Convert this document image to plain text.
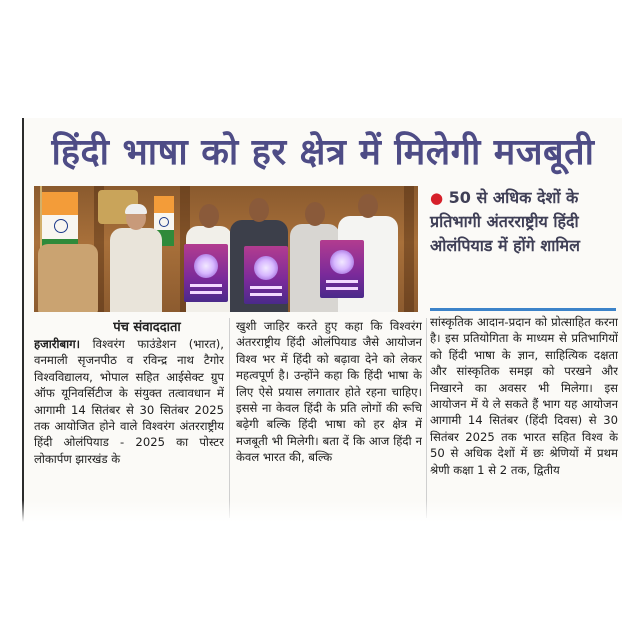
हिंदी भाषा को हर क्षेत्र में मिलेगी मजबूती
● 50 से अधिक देशों के प्रतिभागी अंतरराष्ट्रीय हिंदी ओलंपियाड में होंगे शामिल
पंच संवाददाता
हजारीबाग। विश्वरंग फाउंडेशन (भारत), वनमाली सृजनपीठ व रविन्द्र नाथ टैगोर विश्वविद्यालय, भोपाल सहित आईसेक्ट ग्रुप ऑफ यूनिवर्सिटीज के संयुक्त तत्वावधान में आगामी 14 सितंबर से 30 सितंबर 2025 तक आयोजित होने वाले विश्वरंग अंतरराष्ट्रीय हिंदी ओलंपियाड - 2025 का पोस्टर लोकार्पण झारखंड के
खुशी जाहिर करते हुए कहा कि विश्वरंग अंतरराष्ट्रीय हिंदी ओलंपियाड जैसे आयोजन विश्व भर में हिंदी को बढ़ावा देने को लेकर महत्वपूर्ण है। उन्होंने कहा कि हिंदी भाषा के लिए ऐसे प्रयास लगातार होते रहना चाहिए। इससे ना केवल हिंदी के प्रति लोगों की रूचि बढ़ेगी बल्कि हिंदी भाषा को हर क्षेत्र में मजबूती भी मिलेगी। बता दें कि आज हिंदी न केवल भारत की, बल्कि
सांस्कृतिक आदान-प्रदान को प्रोत्साहित करना है। इस प्रतियोगिता के माध्यम से प्रतिभागियों को हिंदी भाषा के ज्ञान, साहित्यिक दक्षता और सांस्कृतिक समझ को परखने और निखारने का अवसर भी मिलेगा। इस आयोजन में ये ले सकते हैं भाग यह आयोजन आगामी 14 सितंबर (हिंदी दिवस) से 30 सितंबर 2025 तक भारत सहित विश्व के 50 से अधिक देशों में छः श्रेणियों में प्रथम श्रेणी कक्षा 1 से 2 तक, द्वितीय
